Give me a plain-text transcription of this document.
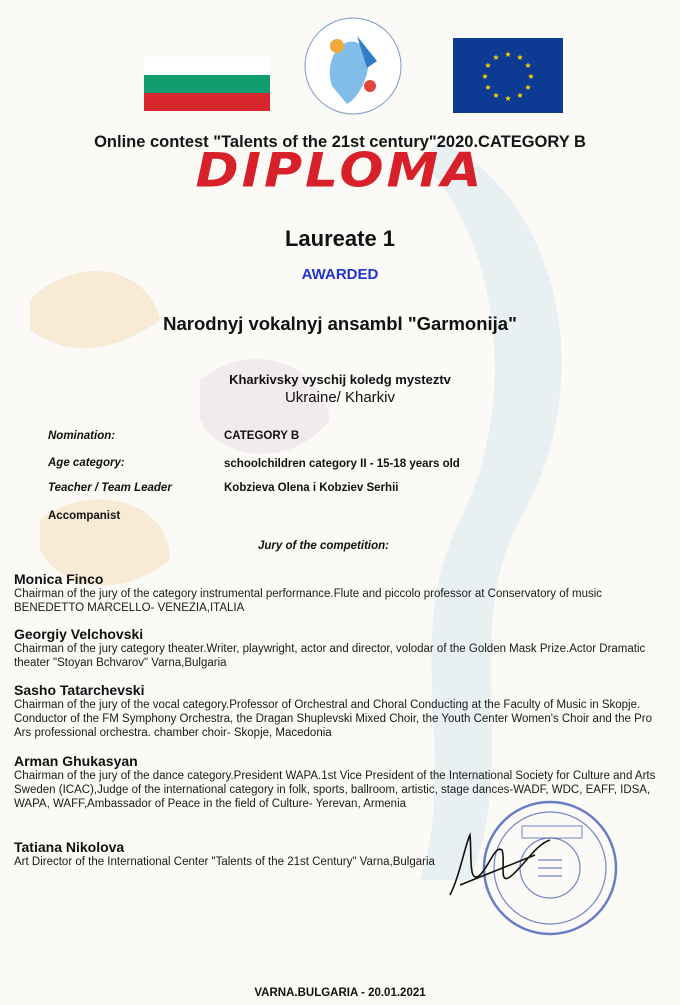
★ ★
★
★
★
★
★
★
★
★
★
★
Online contest "Talents of the 21st century"2020.CATEGORY B
DIPLOMA
Laureate 1
AWARDED
Narodnyj vokalnyj ansambl "Garmonija"
Kharkivsky vyschij koledg mysteztv
Ukraine/ Kharkiv
Nomination:	CATEGORY B
Age category:	schoolchildren category II - 15-18 years old
Teacher / Team Leader	Kobzieva Olena i Kobziev Serhii
Accompanist
Jury of the competition:
Monica Finco
Chairman of the jury of the category instrumental performance.Flute and piccolo professor at Conservatory of music BENEDETTO MARCELLO- VENEZIA,ITALIA
Georgiy Velchovski
Chairman of the jury category theater.Writer, playwright, actor and director, volodar of the Golden Mask Prize.Actor Dramatic theater "Stoyan Bchvarov" Varna,Bulgaria
Sasho Tatarchevski
Chairman of the jury of the vocal category.Professor of Orchestral and Choral Conducting at the Faculty of Music in Skopje. Conductor of the FM Symphony Orchestra, the Dragan Shuplevski Mixed Choir, the Youth Center Women's Choir and the Pro Ars professional orchestra. chamber choir- Skopje, Macedonia
Arman Ghukasyan
Chairman of the jury of the dance category.President WAPA.1st Vice President of the International Society for Culture and Arts Sweden (ICAC),Judge of the international category in folk, sports, ballroom, artistic, stage dances-WADF, WDC, EAFF, IDSA, WAPA, WAFF,Ambassador of Peace in the field of Culture- Yerevan, Armenia
Tatiana Nikolova
Art Director of the International Center "Talents of the 21st Century" Varna,Bulgaria
VARNA.BULGARIA - 20.01.2021
